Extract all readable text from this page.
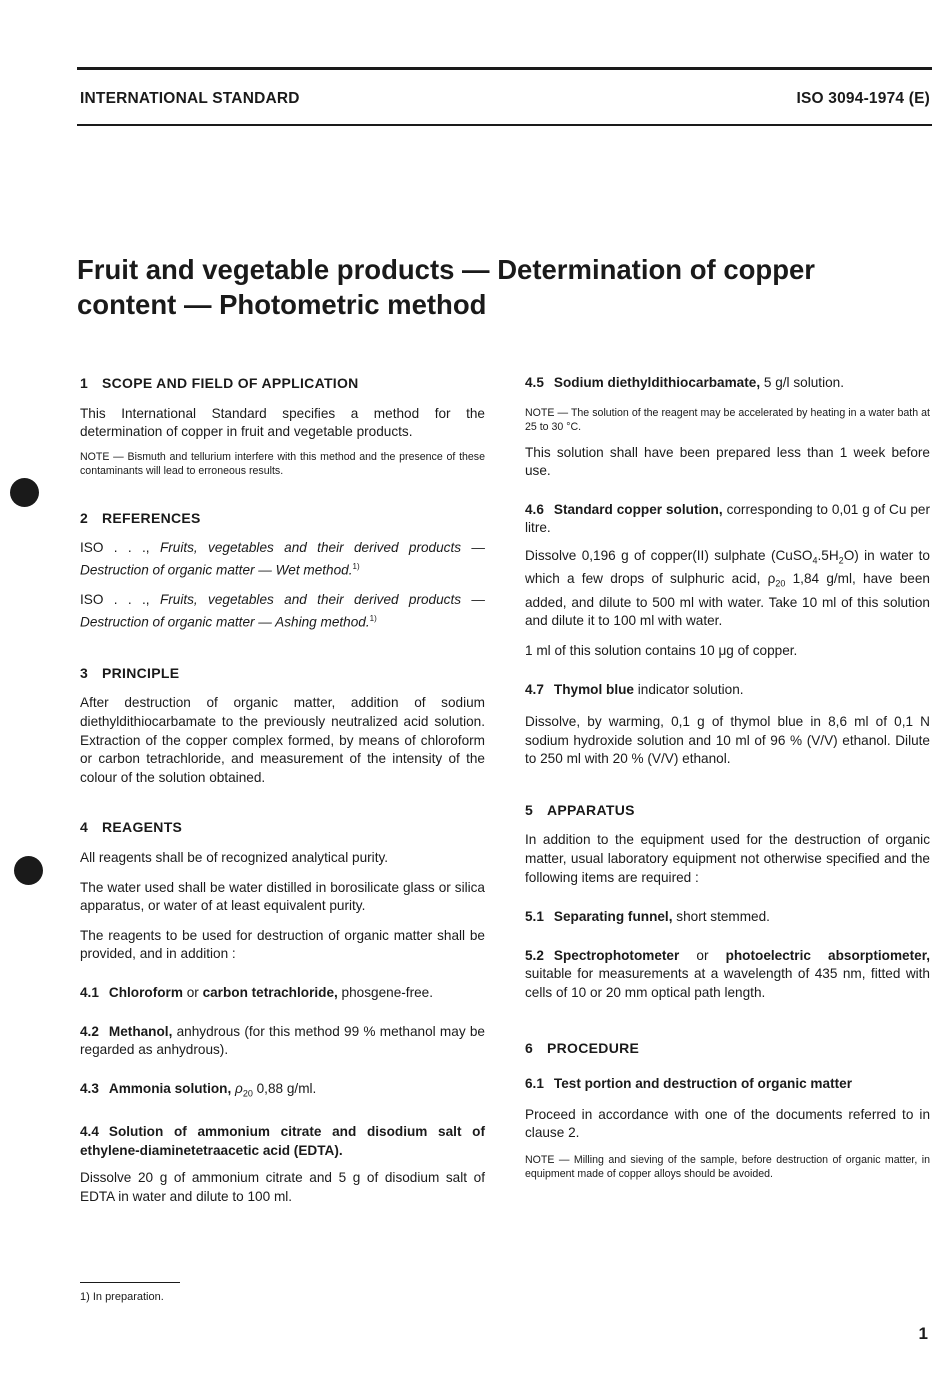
INTERNATIONAL STANDARD	ISO 3094-1974 (E)
Fruit and vegetable products — Determination of copper
content — Photometric method
1 SCOPE AND FIELD OF APPLICATION

This International Standard specifies a method for the determination of copper in fruit and vegetable products.

NOTE — Bismuth and tellurium interfere with this method and the presence of these contaminants will lead to erroneous results.

2 REFERENCES

ISO . . ., Fruits, vegetables and their derived products — Destruction of organic matter — Wet method.$^{1)}$

ISO . . ., Fruits, vegetables and their derived products — Destruction of organic matter — Ashing method.$^{1)}$

3 PRINCIPLE

After destruction of organic matter, addition of sodium diethyldithiocarbamate to the previously neutralized acid solution. Extraction of the copper complex formed, by means of chloroform or carbon tetrachloride, and measurement of the intensity of the colour of the solution obtained.

4 REAGENTS

All reagents shall be of recognized analytical purity.

The water used shall be water distilled in borosilicate glass or silica apparatus, or water of at least equivalent purity.

The reagents to be used for destruction of organic matter shall be provided, and in addition :

4.1 Chloroform or carbon tetrachloride, phosgene-free.

4.2 Methanol, anhydrous (for this method 99 % methanol may be regarded as anhydrous).

4.3 Ammonia solution, $\rho_{20}$ 0,88 g/ml.

4.4 Solution of ammonium citrate and disodium salt of ethylene-diaminetetraacetic acid (EDTA).

Dissolve 20 g of ammonium citrate and 5 g of disodium salt of EDTA in water and dilute to 100 ml.

4.5 Sodium diethyldithiocarbamate, 5 g/l solution.

NOTE — The solution of the reagent may be accelerated by heating in a water bath at 25 to 30 °C.

This solution shall have been prepared less than 1 week before use.

4.6 Standard copper solution, corresponding to 0,01 g of Cu per litre.

Dissolve 0,196 g of copper(II) sulphate $(CuSO_4.5H_2O)$ in water to which a few drops of sulphuric acid, $\rho_{20}$ 1,84 g/ml, have been added, and dilute to 500 ml with water. Take 10 ml of this solution and dilute it to 100 ml with water.

1 ml of this solution contains 10 μg of copper.

4.7 Thymol blue indicator solution.

Dissolve, by warming, 0,1 g of thymol blue in 8,6 ml of 0,1 N sodium hydroxide solution and 10 ml of 96 % (V/V) ethanol. Dilute to 250 ml with 20 % (V/V) ethanol.

5 APPARATUS

In addition to the equipment used for the destruction of organic matter, usual laboratory equipment not otherwise specified and the following items are required :

5.1 Separating funnel, short stemmed.

5.2 Spectrophotometer or photoelectric absorptiometer, suitable for measurements at a wavelength of 435 nm, fitted with cells of 10 or 20 mm optical path length.

6 PROCEDURE

6.1 Test portion and destruction of organic matter

Proceed in accordance with one of the documents referred to in clause 2.

NOTE — Milling and sieving of the sample, before destruction of organic matter, in equipment made of copper alloys should be avoided.

1) In preparation.
1
